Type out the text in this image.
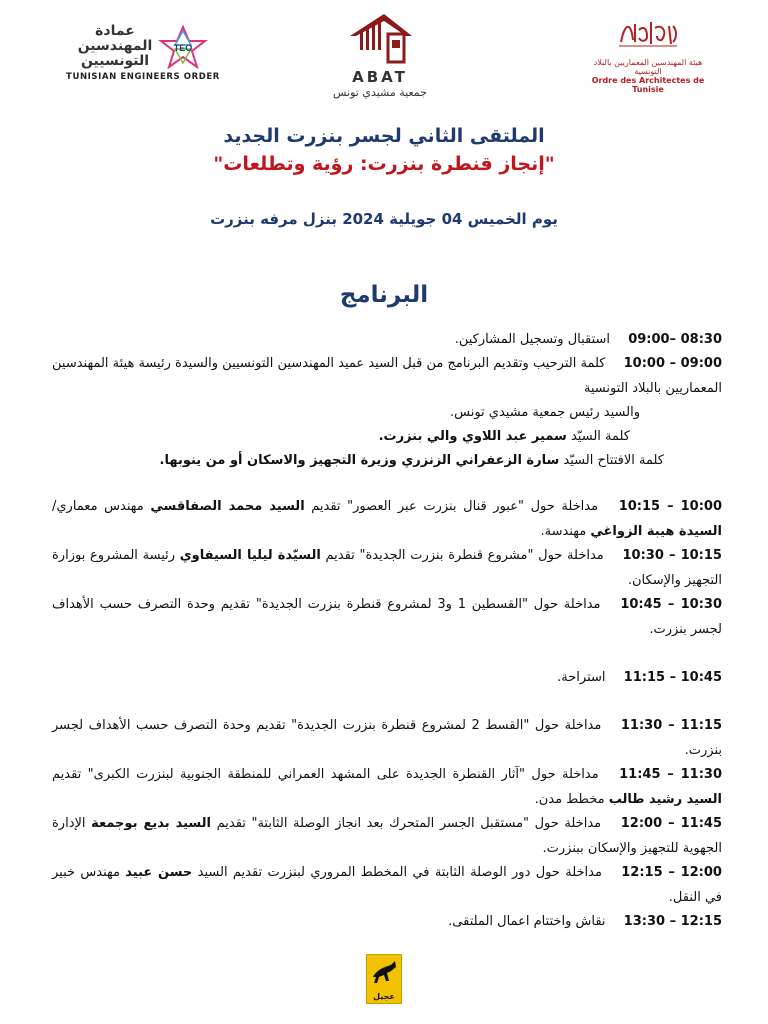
عمادة
المهندسين
التونسيين
TEO
TUNISIAN ENGINEERS ORDER	ABAT
جمعية مشيدي تونس
هيئة المهندسين المعماريين بالبلاد التونسية
Ordre des Architectes de Tunisie
الملتقى الثاني لجسر بنزرت الجديد
"إنجاز قنطرة بنزرت: رؤية وتطلعات"
يوم الخميس 04 جويلية 2024 بنزل مرفه بنزرت
البرنامج
08:30 –09:00 استقبال وتسجيل المشاركين.
09:00 – 10:00 كلمة الترحيب وتقديم البرنامج من قبل السيد عميد المهندسين التونسيين والسيدة رئيسة هيئة المهندسين المعماريين بالبلاد التونسية
والسيد رئيس جمعية مشيدي تونس.
كلمة السيّد سمير عبد اللاوي والي بنزرت.
كلمة الافتتاح السيّد سارة الزعفراني الزنزري وزيرة التجهيز والاسكان أو من ينوبها.
10:00 – 10:15 مداخلة حول "عبور قنال بنزرت عبر العصور" تقديم السيد محمد الصفاقسي مهندس معماري/ السيدة هيبة الزواغي مهندسة.
10:15 – 10:30 مداخلة حول "مشروع قنطرة بنزرت الجديدة" تقديم السيّدة ليليا السيفاوي رئيسة المشروع بوزارة التجهيز والإسكان.
10:30 – 10:45 مداخلة حول "القسطين 1 و3 لمشروع قنطرة بنزرت الجديدة" تقديم وحدة التصرف حسب الأهداف لجسر بنزرت.
10:45 – 11:15 استراحة.
11:15 – 11:30 مداخلة حول "القسط 2 لمشروع قنطرة بنزرت الجديدة" تقديم وحدة التصرف حسب الأهداف لجسر بنزرت.
11:30 – 11:45 مداخلة حول "آثار القنطرة الجديدة على المشهد العمراني للمنطقة الجنوبية لبنزرت الكبرى" تقديم السيد رشيد طالب مخطط مدن.
11:45 – 12:00 مداخلة حول "مستقبل الجسر المتحرك بعد انجاز الوصلة الثابتة" تقديم السيد بديع بوجمعة الإدارة الجهوية للتجهيز والإسكان ببنزرت.
12:00 – 12:15 مداخلة حول دور الوصلة الثابتة في المخطط المروري لبنزرت تقديم السيد حسن عبيد مهندس خبير في النقل.
12:15 – 13:30 نقاش واختتام اعمال الملتقى.
عجيل
